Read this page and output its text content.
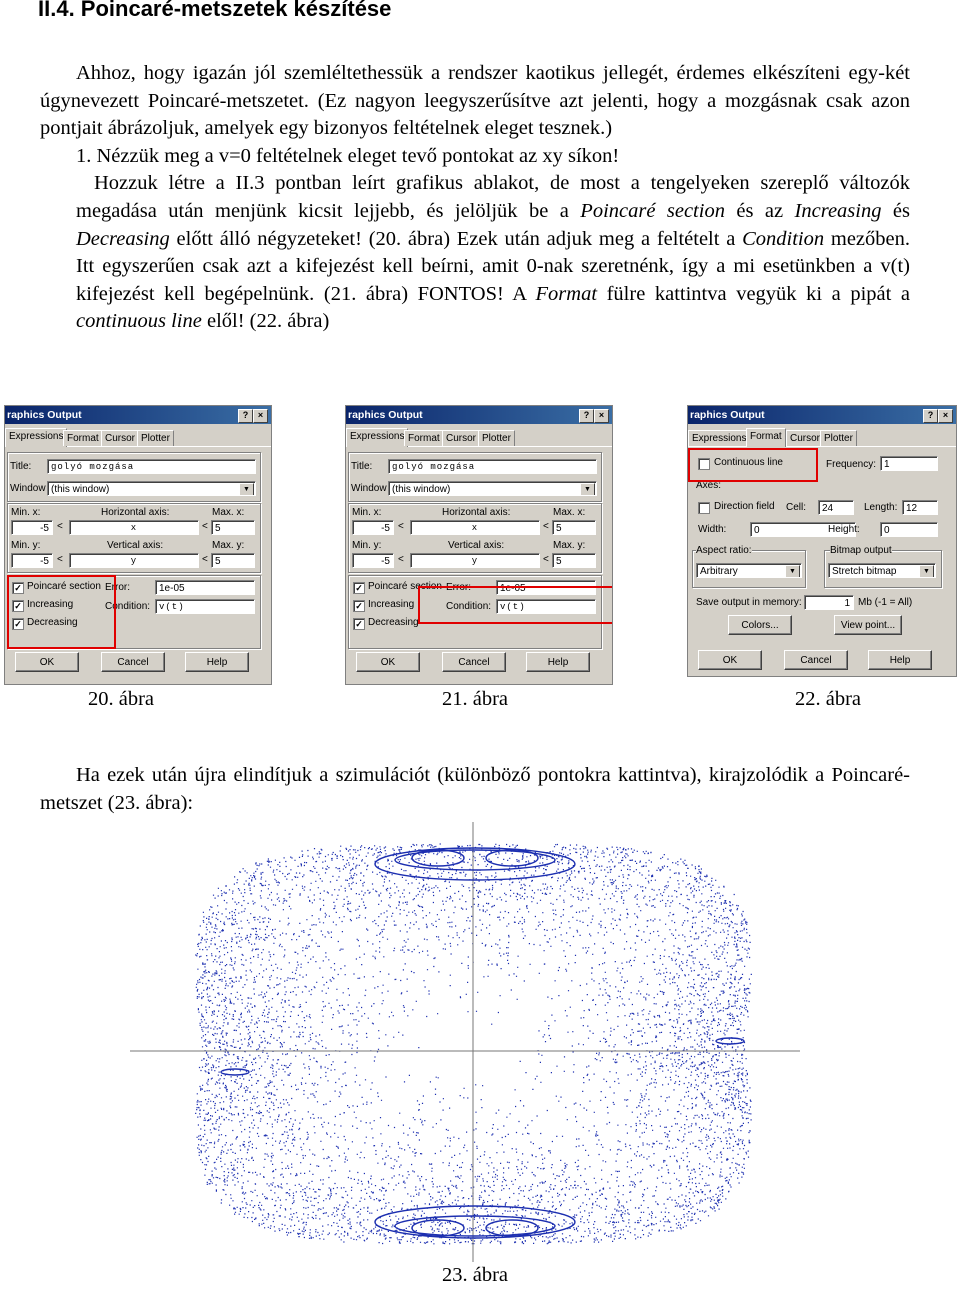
II.4. Poincaré-metszetek készítése

Ahhoz, hogy igazán jól szemléltethessük a rendszer kaotikus jellegét, érdemes elkészíteni egy-két úgynevezett Poincaré-metszetet. (Ez nagyon leegyszerűsítve azt jelenti, hogy a mozgásnak csak azon pontjait ábrázoljuk, amelyek egy bizonyos feltételnek eleget tesznek.)

1. Nézzük meg a v=0 feltételnek eleget tevő pontokat az xy síkon!

Hozzuk létre a II.3 pontban leírt grafikus ablakot, de most a tengelyeken szereplő változók megadása után menjünk kicsit lejjebb, és jelöljük be a Poincaré section és az Increasing és Decreasing előtt álló négyzeteket! (20. ábra) Ezek után adjuk meg a feltételt a Condition mezőben. Itt egyszerűen csak azt a kifejezést kell beírni, amit 0-nak szeretnénk, így a mi esetünkben a v(t) kifejezést kell begépelnünk. (21. ábra) FONTOS! A Format fülre kattintva vegyük ki a pipát a continuous line elől! (22. ábra)

raphics Output	?	×
Expressions Format Cursor Plotter
Title:	golyó mozgása
Window (this window)	▼
Min. x:
-5 <
Horizontal axis:
x	<
Max. x:
5
Min. y:
-5 <
Vertical axis:
y	<
Max. y:
5
✓ Poincaré section
✓ Increasing
✓ Decreasing
Error:	1e-05
Condition: v(t)
OK	Cancel	Help
raphics Output	?	×
Expressions Format Cursor Plotter
Title:	golyó mozgása
Window (this window)	▼
Min. x:
-5 <
Horizontal axis:
x	<
Max. x:
5
Min. y:
-5 <
Vertical axis:
y	<
Max. y:
5
✓ Poincaré section
✓ Increasing
✓ Decreasing
Error:	1e-05
Condition: v(t)
OK	Cancel	Help
raphics Output	?	×
Expressions Format Cursor Plotter
Continuous line	Frequency: 1
Axes:
Direction field Cell:	24	Length: 12
Width:	0	Height:	0
Aspect ratio:
Arbitrary	▼
Bitmap output
Stretch bitmap	▼
Save output in memory:	1 Mb (-1 = All)
Colors...	View point...
OK	Cancel	Help
20. ábra	21. ábra	22. ábra
Ha ezek után újra elindítjuk a szimulációt (különböző pontokra kattintva), kirajzolódik a Poincaré-metszet (23. ábra):
23. ábra
